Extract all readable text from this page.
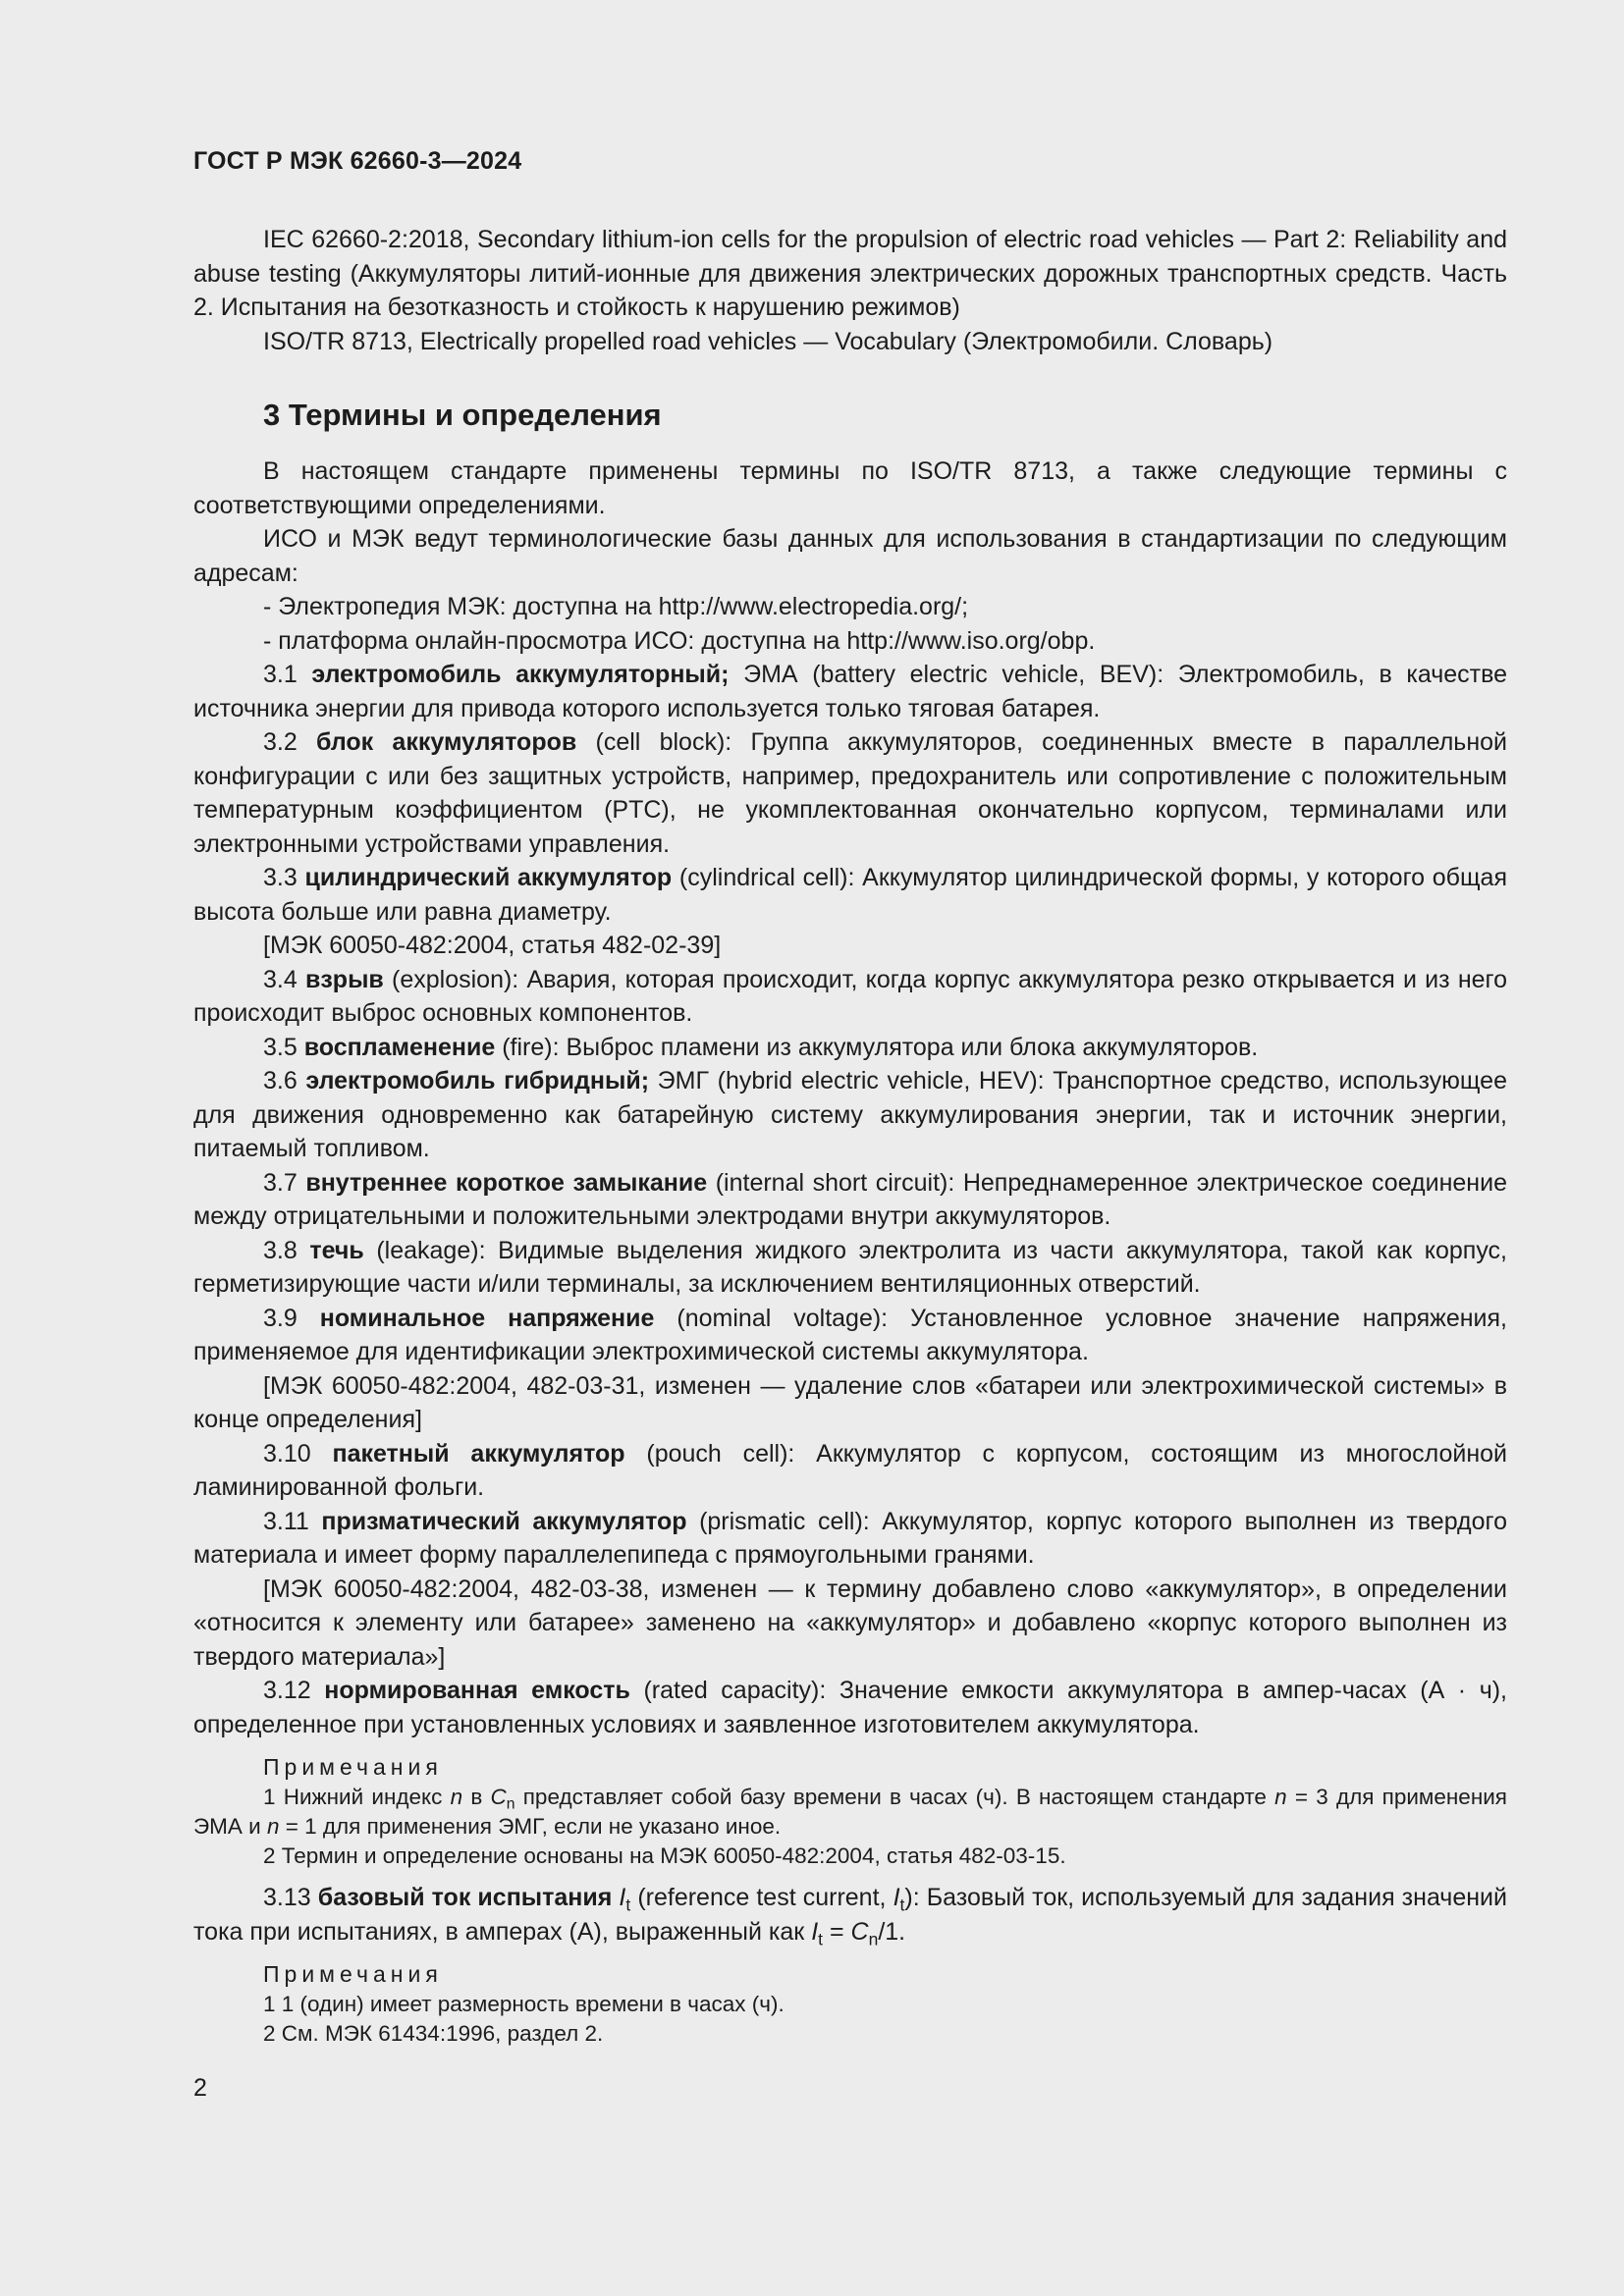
ГОСТ Р МЭК 62660-3—2024

IEC 62660-2:2018, Secondary lithium-ion cells for the propulsion of electric road vehicles — Part 2: Reliability and abuse testing (Аккумуляторы литий-ионные для движения электрических дорожных транспортных средств. Часть 2. Испытания на безотказность и стойкость к нарушению режимов)

ISO/TR 8713, Electrically propelled road vehicles — Vocabulary (Электромобили. Словарь)

3 Термины и определения

В настоящем стандарте применены термины по ISO/TR 8713, а также следующие термины с соответствующими определениями.

ИСО и МЭК ведут терминологические базы данных для использования в стандартизации по следующим адресам:

- Электропедия МЭК: доступна на http://www.electropedia.org/;
- платформа онлайн-просмотра ИСО: доступна на http://www.iso.org/obp.

3.1 электромобиль аккумуляторный; ЭМА (battery electric vehicle, BEV): Электромобиль, в качестве источника энергии для привода которого используется только тяговая батарея.

3.2 блок аккумуляторов (cell block): Группа аккумуляторов, соединенных вместе в параллельной конфигурации с или без защитных устройств, например, предохранитель или сопротивление с положительным температурным коэффициентом (PTC), не укомплектованная окончательно корпусом, терминалами или электронными устройствами управления.

3.3 цилиндрический аккумулятор (cylindrical cell): Аккумулятор цилиндрической формы, у которого общая высота больше или равна диаметру.

[МЭК 60050-482:2004, статья 482-02-39]

3.4 взрыв (explosion): Авария, которая происходит, когда корпус аккумулятора резко открывается и из него происходит выброс основных компонентов.

3.5 воспламенение (fire): Выброс пламени из аккумулятора или блока аккумуляторов.

3.6 электромобиль гибридный; ЭМГ (hybrid electric vehicle, HEV): Транспортное средство, использующее для движения одновременно как батарейную систему аккумулирования энергии, так и источник энергии, питаемый топливом.

3.7 внутреннее короткое замыкание (internal short circuit): Непреднамеренное электрическое соединение между отрицательными и положительными электродами внутри аккумуляторов.

3.8 течь (leakage): Видимые выделения жидкого электролита из части аккумулятора, такой как корпус, герметизирующие части и/или терминалы, за исключением вентиляционных отверстий.

3.9 номинальное напряжение (nominal voltage): Установленное условное значение напряжения, применяемое для идентификации электрохимической системы аккумулятора.

[МЭК 60050-482:2004, 482-03-31, изменен — удаление слов «батареи или электрохимической системы» в конце определения]

3.10 пакетный аккумулятор (pouch cell): Аккумулятор с корпусом, состоящим из многослойной ламинированной фольги.

3.11 призматический аккумулятор (prismatic cell): Аккумулятор, корпус которого выполнен из твердого материала и имеет форму параллелепипеда с прямоугольными гранями.

[МЭК 60050-482:2004, 482-03-38, изменен — к термину добавлено слово «аккумулятор», в определении «относится к элементу или батарее» заменено на «аккумулятор» и добавлено «корпус которого выполнен из твердого материала»]

3.12 нормированная емкость (rated capacity): Значение емкости аккумулятора в ампер-часах (А · ч), определенное при установленных условиях и заявленное изготовителем аккумулятора.

Примечания

1 Нижний индекс n в $C_n$ представляет собой базу времени в часах (ч). В настоящем стандарте n = 3 для применения ЭМА и n = 1 для применения ЭМГ, если не указано иное.

2 Термин и определение основаны на МЭК 60050-482:2004, статья 482-03-15.

3.13 базовый ток испытания $I_t$ (reference test current, $I_t$): Базовый ток, используемый для задания значений тока при испытаниях, в амперах (А), выраженный как $I_t = C_n/1$.

Примечания

1 1 (один) имеет размерность времени в часах (ч).

2 См. МЭК 61434:1996, раздел 2.

2
